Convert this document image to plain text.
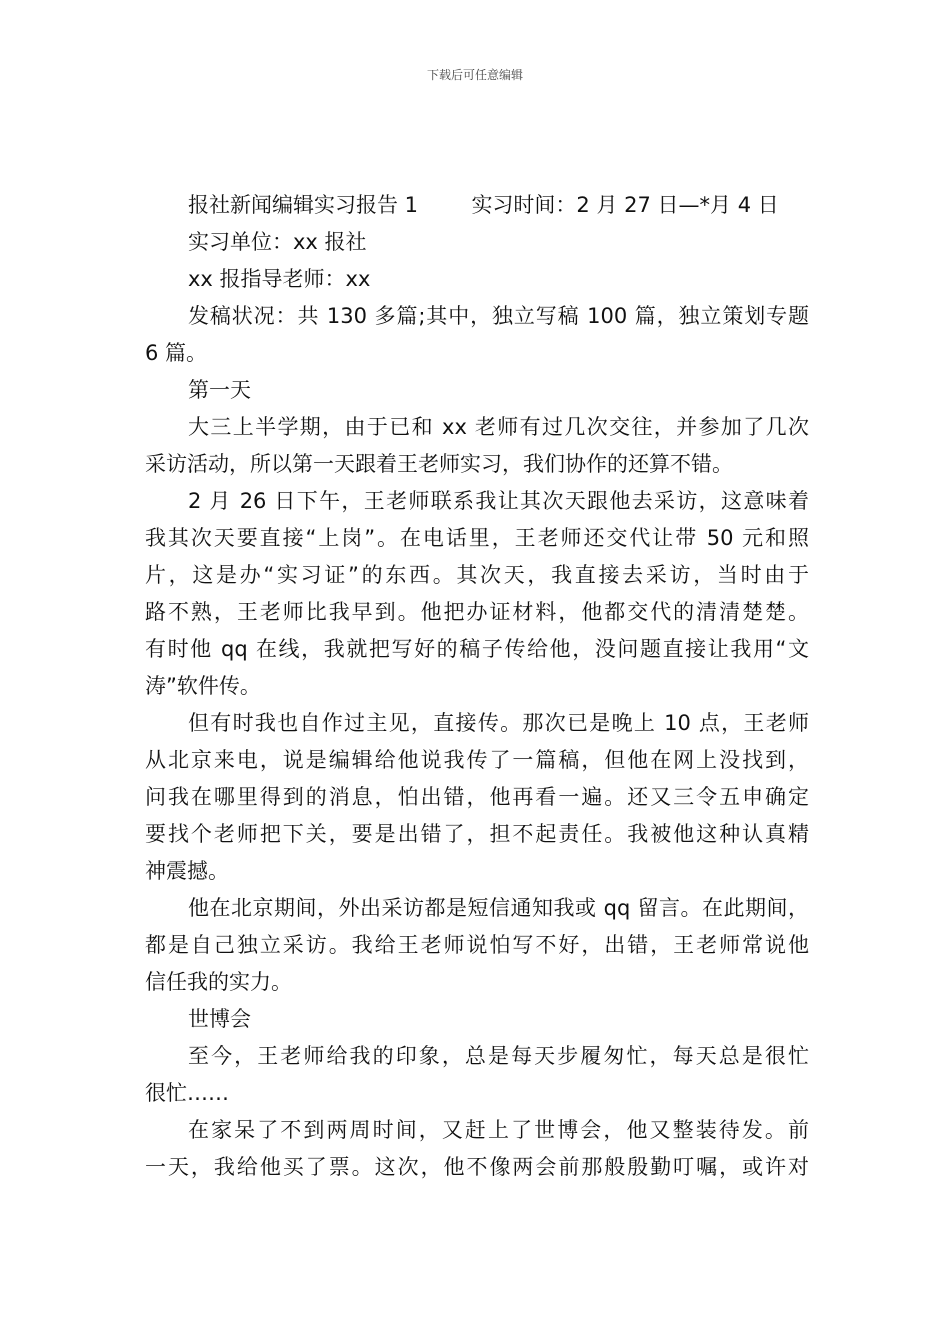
下载后可任意编辑
报社新闻编辑实习报告 1        实习时间：2 月 27 日—*月 4 日
实习单位：xx 报社
xx 报指导老师：xx
发稿状况：共 130 多篇;其中，独立写稿 100 篇，独立策划专题
6 篇。
第一天
大三上半学期，由于已和 xx 老师有过几次交往，并参加了几次
采访活动，所以第一天跟着王老师实习，我们协作的还算不错。
2 月 26 日下午，王老师联系我让其次天跟他去采访，这意味着
我其次天要直接“上岗”。在电话里，王老师还交代让带 50 元和照
片，这是办“实习证”的东西。其次天，我直接去采访，当时由于
路不熟，王老师比我早到。他把办证材料，他都交代的清清楚楚。
有时他 qq 在线，我就把写好的稿子传给他，没问题直接让我用“文
涛”软件传。
但有时我也自作过主见，直接传。那次已是晚上 10 点，王老师
从北京来电，说是编辑给他说我传了一篇稿，但他在网上没找到，
问我在哪里得到的消息，怕出错，他再看一遍。还又三令五申确定
要找个老师把下关，要是出错了，担不起责任。我被他这种认真精
神震撼。
他在北京期间，外出采访都是短信通知我或 qq 留言。在此期间，
都是自己独立采访。我给王老师说怕写不好，出错，王老师常说他
信任我的实力。
世博会
至今，王老师给我的印象，总是每天步履匆忙，每天总是很忙
很忙……
在家呆了不到两周时间，又赶上了世博会，他又整装待发。前
一天，我给他买了票。这次，他不像两会前那般殷勤叮嘱，或许对
